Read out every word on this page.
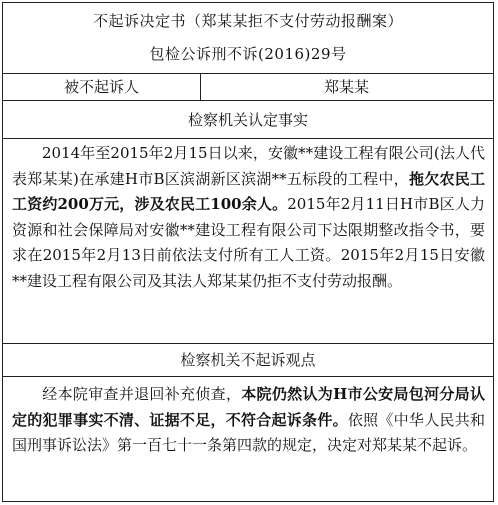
不起诉决定书（郑某某拒不支付劳动报酬案）
包检公诉刑不诉(2016)29号
被不起诉人	郑某某
检察机关认定事实

2014年至2015年2月15日以来，安徽**建设工程有限公司(法人代表郑某某)在承建H市B区滨湖新区滨湖**五标段的工程中，拖欠农民工工资约200万元，涉及农民工100余人。2015年2月11日H市B区人力资源和社会保障局对安徽**建设工程有限公司下达限期整改指令书，要求在2015年2月13日前依法支付所有工人工资。2015年2月15日安徽**建设工程有限公司及其法人郑某某仍拒不支付劳动报酬。

检察机关不起诉观点

经本院审查并退回补充侦查，本院仍然认为H市公安局包河分局认定的犯罪事实不清、证据不足，不符合起诉条件。依照《中华人民共和国刑事诉讼法》第一百七十一条第四款的规定，决定对郑某某不起诉。
